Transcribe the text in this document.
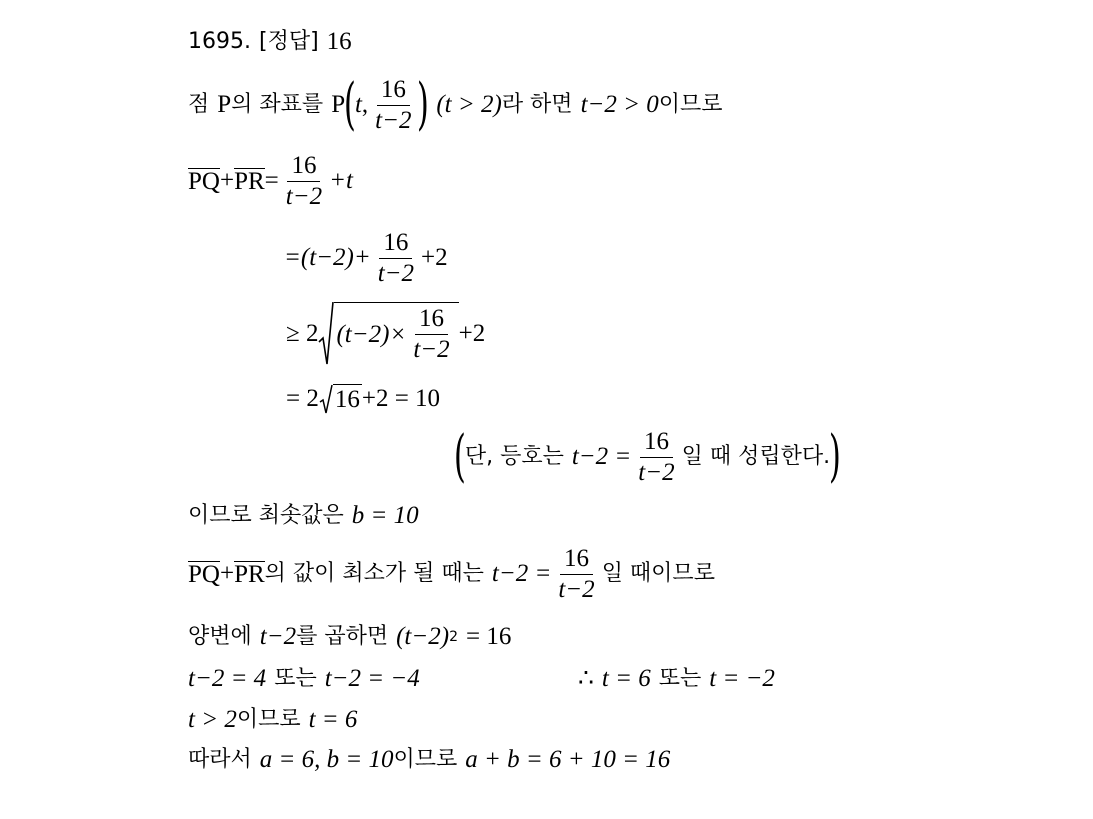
1695. [정답] 16
점 P 의 좌표를 P
(
t , $\frac{16}{t-2}$ ) (t > 2) 라 하면 t−2 > 0 이므로
PQ + PR = $\frac{16}{t-2} +t$
$=(t-2)+ \frac{16}{t-2} +2$
≥ 2 $(t-2)\times \frac{16}{t-2} +2$
= 2 16 +2 = 10
(
단, 등호는 $t-2 = \frac{16}{t-2}$ 일 때 성립한다.
)
이므로 최솟값은 b = 10
PQ + PR 의 값이 최소가 될 때는 $t-2 = \frac{16}{t-2}$ 일 때이므로
양변에 t−2 를 곱하면 (t−2) 2 = 16
t−2 = 4 또는 t−2 = −4	∴ t = 6 또는 t = −2
t > 2 이므로 t = 6
따라서 a = 6, b = 10 이므로 a + b = 6 + 10 = 16
